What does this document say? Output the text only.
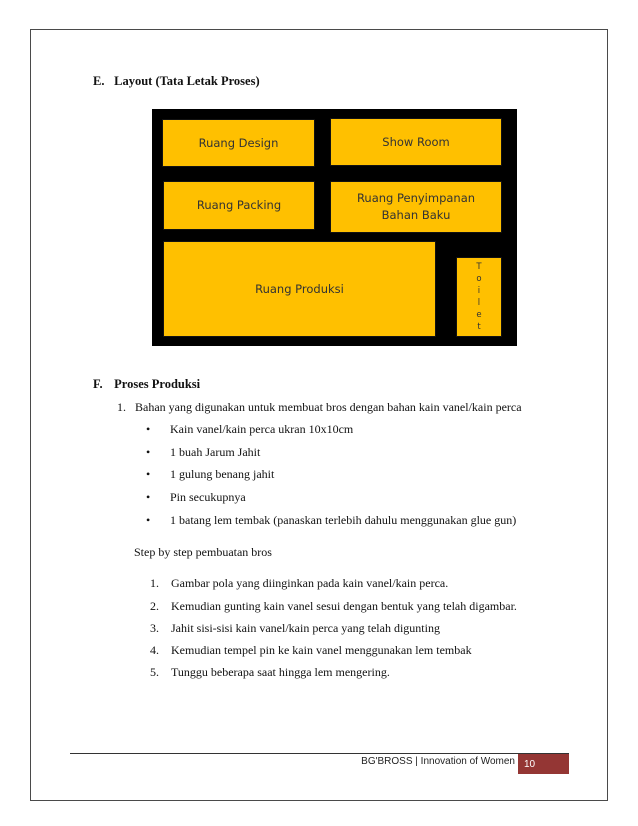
E. Layout (Tata Letak Proses)
Ruang Design	Show Room
Ruang Packing	Ruang Penyimpanan
Bahan Baku
Ruang Produksi
T
o
i
l
e
t
F. Proses Produksi
1. Bahan yang digunakan untuk membuat bros dengan bahan kain vanel/kain perca
• Kain vanel/kain perca ukran 10x10cm
• 1 buah Jarum Jahit
• 1 gulung benang jahit
• Pin secukupnya
• 1 batang lem tembak (panaskan terlebih dahulu menggunakan glue gun)
Step by step pembuatan bros
1. Gambar pola yang diinginkan pada kain vanel/kain perca.
2. Kemudian gunting kain vanel sesui dengan bentuk yang telah digambar.
3. Jahit sisi-sisi kain vanel/kain perca yang telah digunting
4. Kemudian tempel pin ke kain vanel menggunakan lem tembak
5. Tunggu beberapa saat hingga lem mengering.
BG'BROSS | Innovation of Women 10
